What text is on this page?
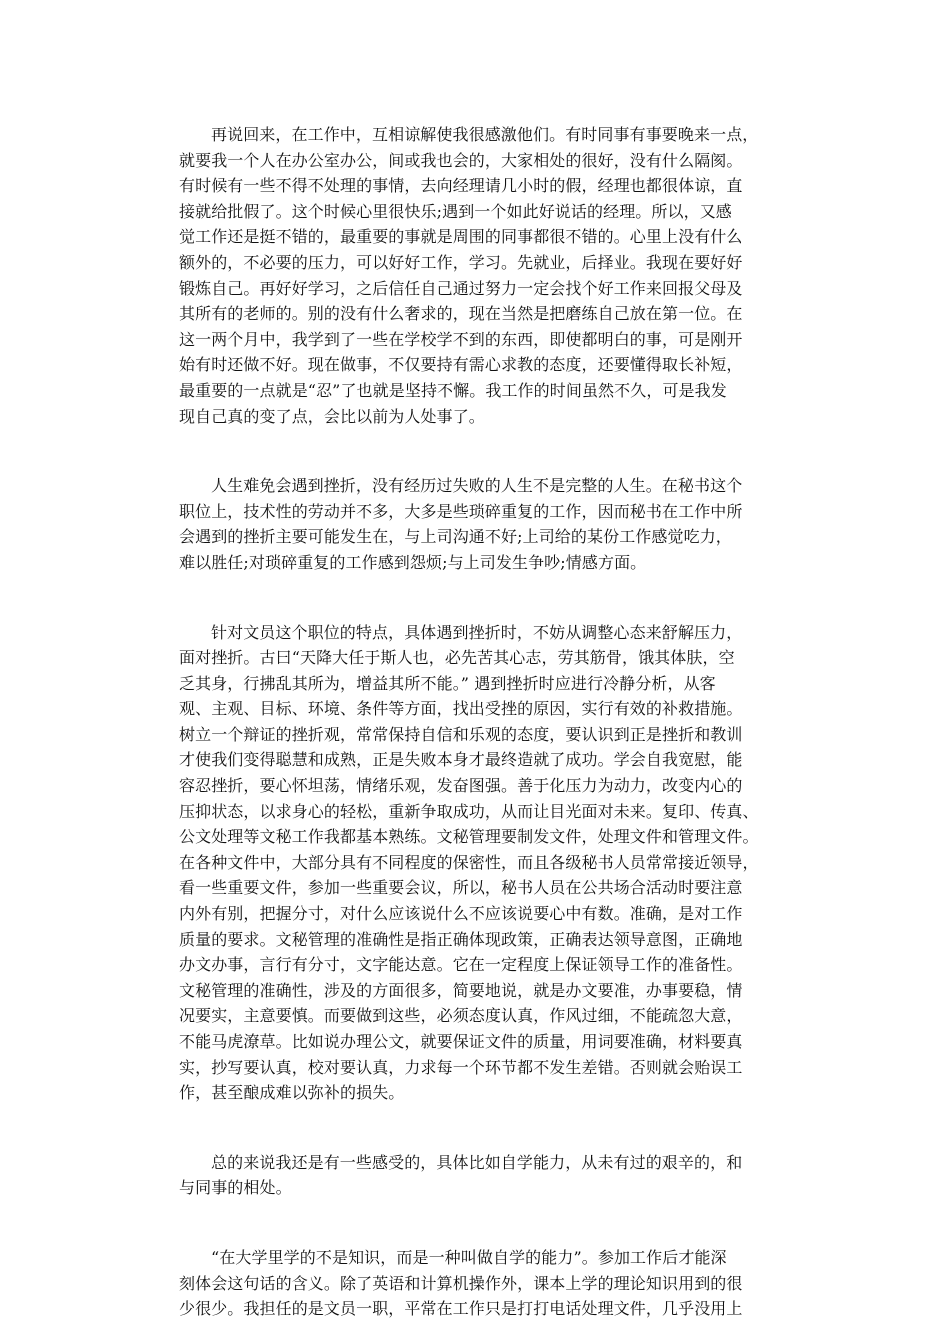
再说回来，在工作中，互相谅解使我很感激他们。有时同事有事要晚来一点，
就要我一个人在办公室办公，间或我也会的，大家相处的很好，没有什么隔阂。
有时候有一些不得不处理的事情，去向经理请几小时的假，经理也都很体谅，直
接就给批假了。这个时候心里很快乐;遇到一个如此好说话的经理。所以，又感
觉工作还是挺不错的，最重要的事就是周围的同事都很不错的。心里上没有什么
额外的，不必要的压力，可以好好工作，学习。先就业，后择业。我现在要好好
锻炼自己。再好好学习，之后信任自己通过努力一定会找个好工作来回报父母及
其所有的老师的。别的没有什么奢求的，现在当然是把磨练自己放在第一位。在
这一两个月中，我学到了一些在学校学不到的东西，即使都明白的事，可是刚开
始有时还做不好。现在做事，不仅要持有需心求教的态度，还要懂得取长补短，
最重要的一点就是“忍”了也就是坚持不懈。我工作的时间虽然不久，可是我发
现自己真的变了点，会比以前为人处事了。
人生难免会遇到挫折，没有经历过失败的人生不是完整的人生。在秘书这个
职位上，技术性的劳动并不多，大多是些琐碎重复的工作，因而秘书在工作中所
会遇到的挫折主要可能发生在，与上司沟通不好;上司给的某份工作感觉吃力，
难以胜任;对琐碎重复的工作感到怨烦;与上司发生争吵;情感方面。
针对文员这个职位的特点，具体遇到挫折时，不妨从调整心态来舒解压力，
面对挫折。古曰“天降大任于斯人也，必先苦其心志，劳其筋骨，饿其体肤，空
乏其身，行拂乱其所为，增益其所不能。” 遇到挫折时应进行冷静分析，从客
观、主观、目标、环境、条件等方面，找出受挫的原因，实行有效的补救措施。
树立一个辩证的挫折观，常常保持自信和乐观的态度，要认识到正是挫折和教训
才使我们变得聪慧和成熟，正是失败本身才最终造就了成功。学会自我宽慰，能
容忍挫折，要心怀坦荡，情绪乐观，发奋图强。善于化压力为动力，改变内心的
压抑状态，以求身心的轻松，重新争取成功，从而让目光面对未来。复印、传真、
公文处理等文秘工作我都基本熟练。文秘管理要制发文件，处理文件和管理文件。
在各种文件中，大部分具有不同程度的保密性，而且各级秘书人员常常接近领导，
看一些重要文件，参加一些重要会议，所以，秘书人员在公共场合活动时要注意
内外有别，把握分寸，对什么应该说什么不应该说要心中有数。准确，是对工作
质量的要求。文秘管理的准确性是指正确体现政策，正确表达领导意图，正确地
办文办事，言行有分寸，文字能达意。它在一定程度上保证领导工作的准备性。
文秘管理的准确性，涉及的方面很多，简要地说，就是办文要准，办事要稳，情
况要实，主意要慎。而要做到这些，必须态度认真，作风过细，不能疏忽大意，
不能马虎潦草。比如说办理公文，就要保证文件的质量，用词要准确，材料要真
实，抄写要认真，校对要认真，力求每一个环节都不发生差错。否则就会贻误工
作，甚至酿成难以弥补的损失。
总的来说我还是有一些感受的，具体比如自学能力，从未有过的艰辛的，和
与同事的相处。
“在大学里学的不是知识，而是一种叫做自学的能力”。参加工作后才能深
刻体会这句话的含义。除了英语和计算机操作外，课本上学的理论知识用到的很
少很少。我担任的是文员一职，平常在工作只是打打电话处理文件，几乎没用上
